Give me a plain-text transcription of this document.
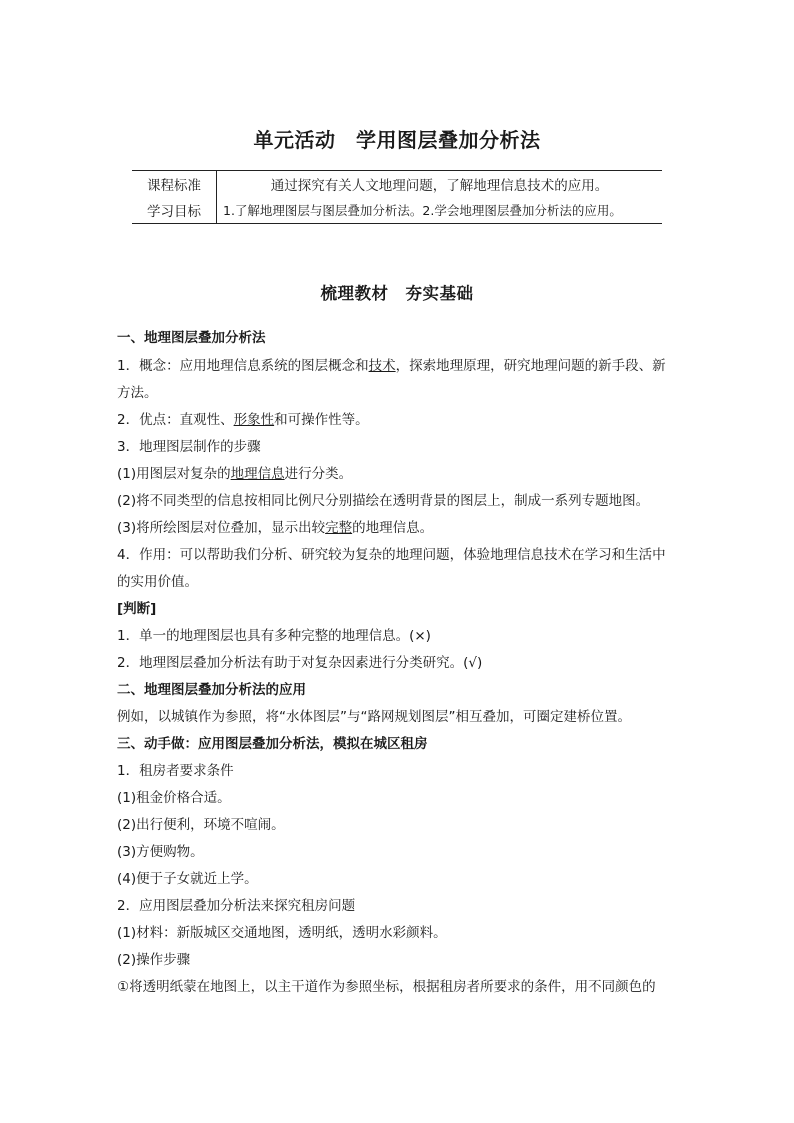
单元活动　学用图层叠加分析法
课程标准	通过探究有关人文地理问题，了解地理信息技术的应用。
学习目标	1.了解地理图层与图层叠加分析法。2.学会地理图层叠加分析法的应用。
梳理教材　夯实基础
一、地理图层叠加分析法
1．概念：应用地理信息系统的图层概念和技术，探索地理原理，研究地理问题的新手段、新
方法。
2．优点：直观性、形象性和可操作性等。
3．地理图层制作的步骤
(1)用图层对复杂的地理信息进行分类。
(2)将不同类型的信息按相同比例尺分别描绘在透明背景的图层上，制成一系列专题地图。
(3)将所绘图层对位叠加，显示出较完整的地理信息。
4．作用：可以帮助我们分析、研究较为复杂的地理问题，体验地理信息技术在学习和生活中
的实用价值。
[判断]
1．单一的地理图层也具有多种完整的地理信息。(×)
2．地理图层叠加分析法有助于对复杂因素进行分类研究。(√)
二、地理图层叠加分析法的应用
例如，以城镇作为参照，将“水体图层”与“路网规划图层”相互叠加，可圈定建桥位置。
三、动手做：应用图层叠加分析法，模拟在城区租房
1．租房者要求条件
(1)租金价格合适。
(2)出行便利，环境不喧闹。
(3)方便购物。
(4)便于子女就近上学。
2．应用图层叠加分析法来探究租房问题
(1)材料：新版城区交通地图，透明纸，透明水彩颜料。
(2)操作步骤
①将透明纸蒙在地图上，以主干道作为参照坐标，根据租房者所要求的条件，用不同颜色的
